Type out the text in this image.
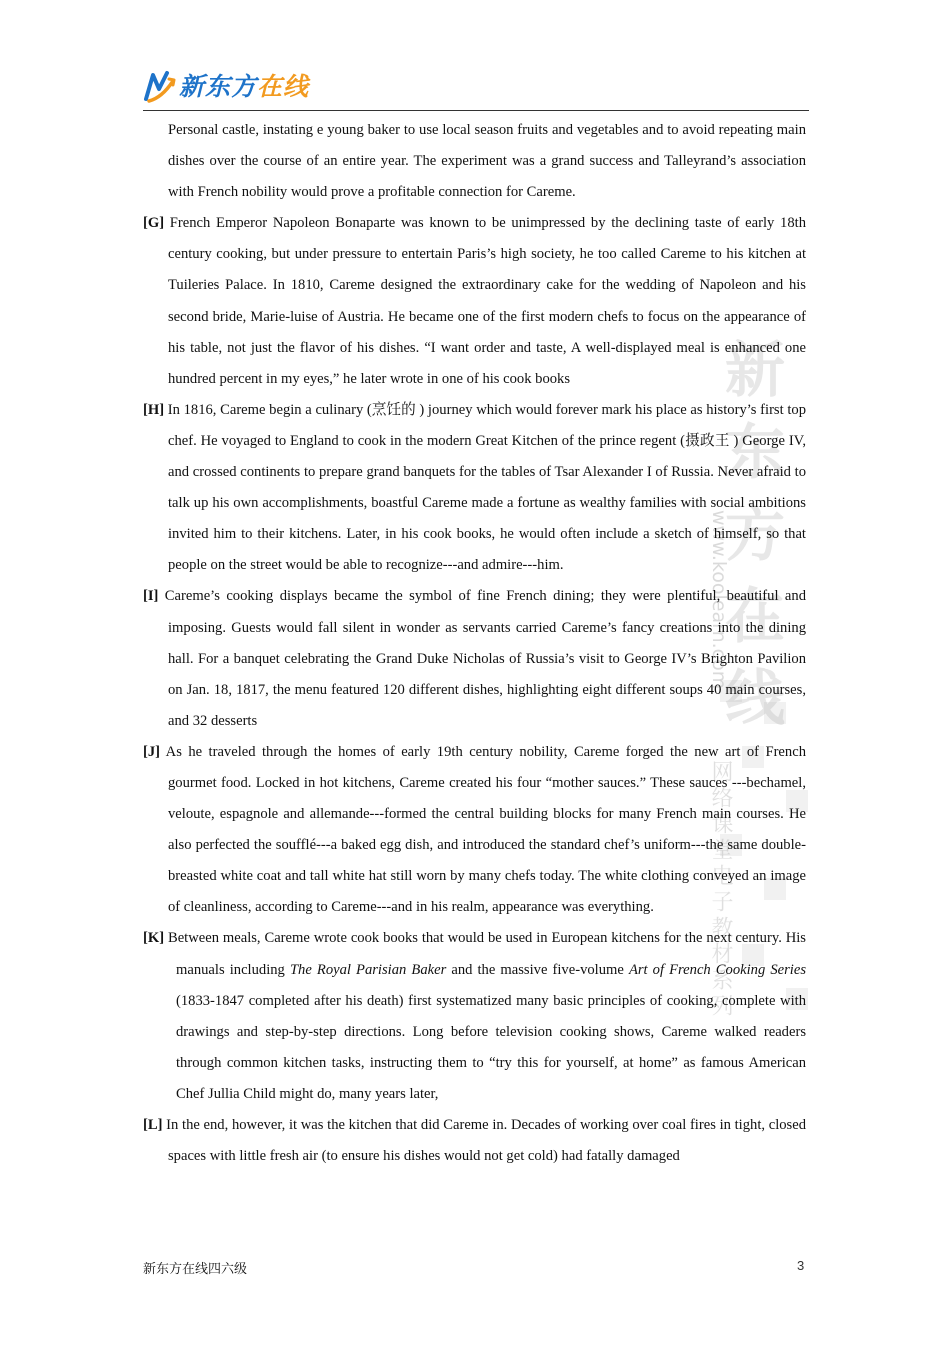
新东方在线
新东方在线
www.koolearn.com
网络课堂电子教材系列

Personal castle, instating e young baker to use local season fruits and vegetables and to avoid repeating main dishes over the course of an entire year. The experiment was a grand success and Talleyrand’s association with French nobility would prove a profitable connection for Careme.

[G] French Emperor Napoleon Bonaparte was known to be unimpressed by the declining taste of early 18th century cooking, but under pressure to entertain Paris’s high society, he too called Careme to his kitchen at Tuileries Palace. In 1810, Careme designed the extraordinary cake for the wedding of Napoleon and his second bride, Marie-luise of Austria. He became one of the first modern chefs to focus on the appearance of his table, not just the flavor of his dishes. “I want order and taste, A well-displayed meal is enhanced one hundred percent in my eyes,” he later wrote in one of his cook books

[H] In 1816, Careme begin a culinary (烹饪的 ) journey which would forever mark his place as history’s first top chef. He voyaged to England to cook in the modern Great Kitchen of the prince regent (摄政王 ) George IV, and crossed continents to prepare grand banquets for the tables of Tsar Alexander I of Russia. Never afraid to talk up his own accomplishments, boastful Careme made a fortune as wealthy families with social ambitions invited him to their kitchens. Later, in his cook books, he would often include a sketch of himself, so that people on the street would be able to recognize---and admire---him.

[I] Careme’s cooking displays became the symbol of fine French dining; they were plentiful, beautiful and imposing. Guests would fall silent in wonder as servants carried Careme’s fancy creations into the dining hall. For a banquet celebrating the Grand Duke Nicholas of Russia’s visit to George IV’s Brighton Pavilion on Jan. 18, 1817, the menu featured 120 different dishes, highlighting eight different soups 40 main courses, and 32 desserts

[J] As he traveled through the homes of early 19th century nobility, Careme forged the new art of French gourmet food. Locked in hot kitchens, Careme created his four “mother sauces.” These sauces ---bechamel, veloute, espagnole and allemande---formed the central building blocks for many French main courses. He also perfected the soufflé---a baked egg dish, and introduced the standard chef’s uniform---the same double-breasted white coat and tall white hat still worn by many chefs today. The white clothing conveyed an image of cleanliness, according to Careme---and in his realm, appearance was everything.

[K] Between meals, Careme wrote cook books that would be used in European kitchens for the next century. His manuals including The Royal Parisian Baker and the massive five-volume Art of French Cooking Series (1833-1847 completed after his death) first systematized many basic principles of cooking, complete with drawings and step-by-step directions. Long before television cooking shows, Careme walked readers through common kitchen tasks, instructing them to “try this for yourself, at home” as famous American Chef Jullia Child might do, many years later,

[L] In the end, however, it was the kitchen that did Careme in. Decades of working over coal fires in tight, closed spaces with little fresh air (to ensure his dishes would not get cold) had fatally damaged

新东方在线四六级	3
